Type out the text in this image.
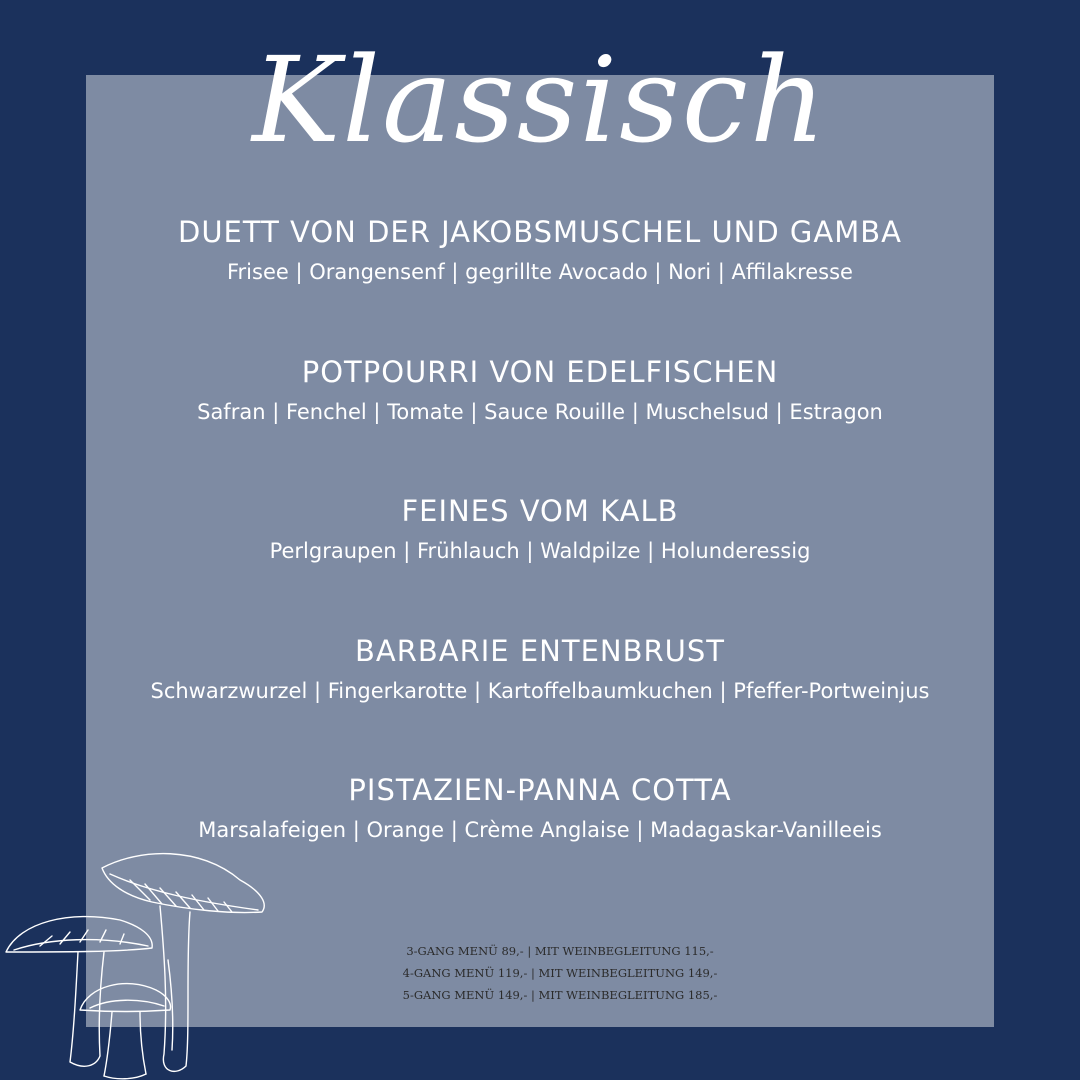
Klassisch
DUETT VON DER JAKOBSMUSCHEL UND GAMBA
Frisee | Orangensenf | gegrillte Avocado | Nori | Affilakresse
POTPOURRI VON EDELFISCHEN
Safran | Fenchel | Tomate | Sauce Rouille | Muschelsud | Estragon
FEINES VOM KALB
Perlgraupen | Frühlauch | Waldpilze | Holunderessig
BARBARIE ENTENBRUST
Schwarzwurzel | Fingerkarotte | Kartoffelbaumkuchen | Pfeffer-Portweinjus
PISTAZIEN-PANNA COTTA
Marsalafeigen | Orange | Crème Anglaise | Madagaskar-Vanilleeis
3-GANG MENÜ 89,- | MIT WEINBEGLEITUNG 115,-
4-GANG MENÜ 119,- | MIT WEINBEGLEITUNG 149,-
5-GANG MENÜ 149,- | MIT WEINBEGLEITUNG 185,-
